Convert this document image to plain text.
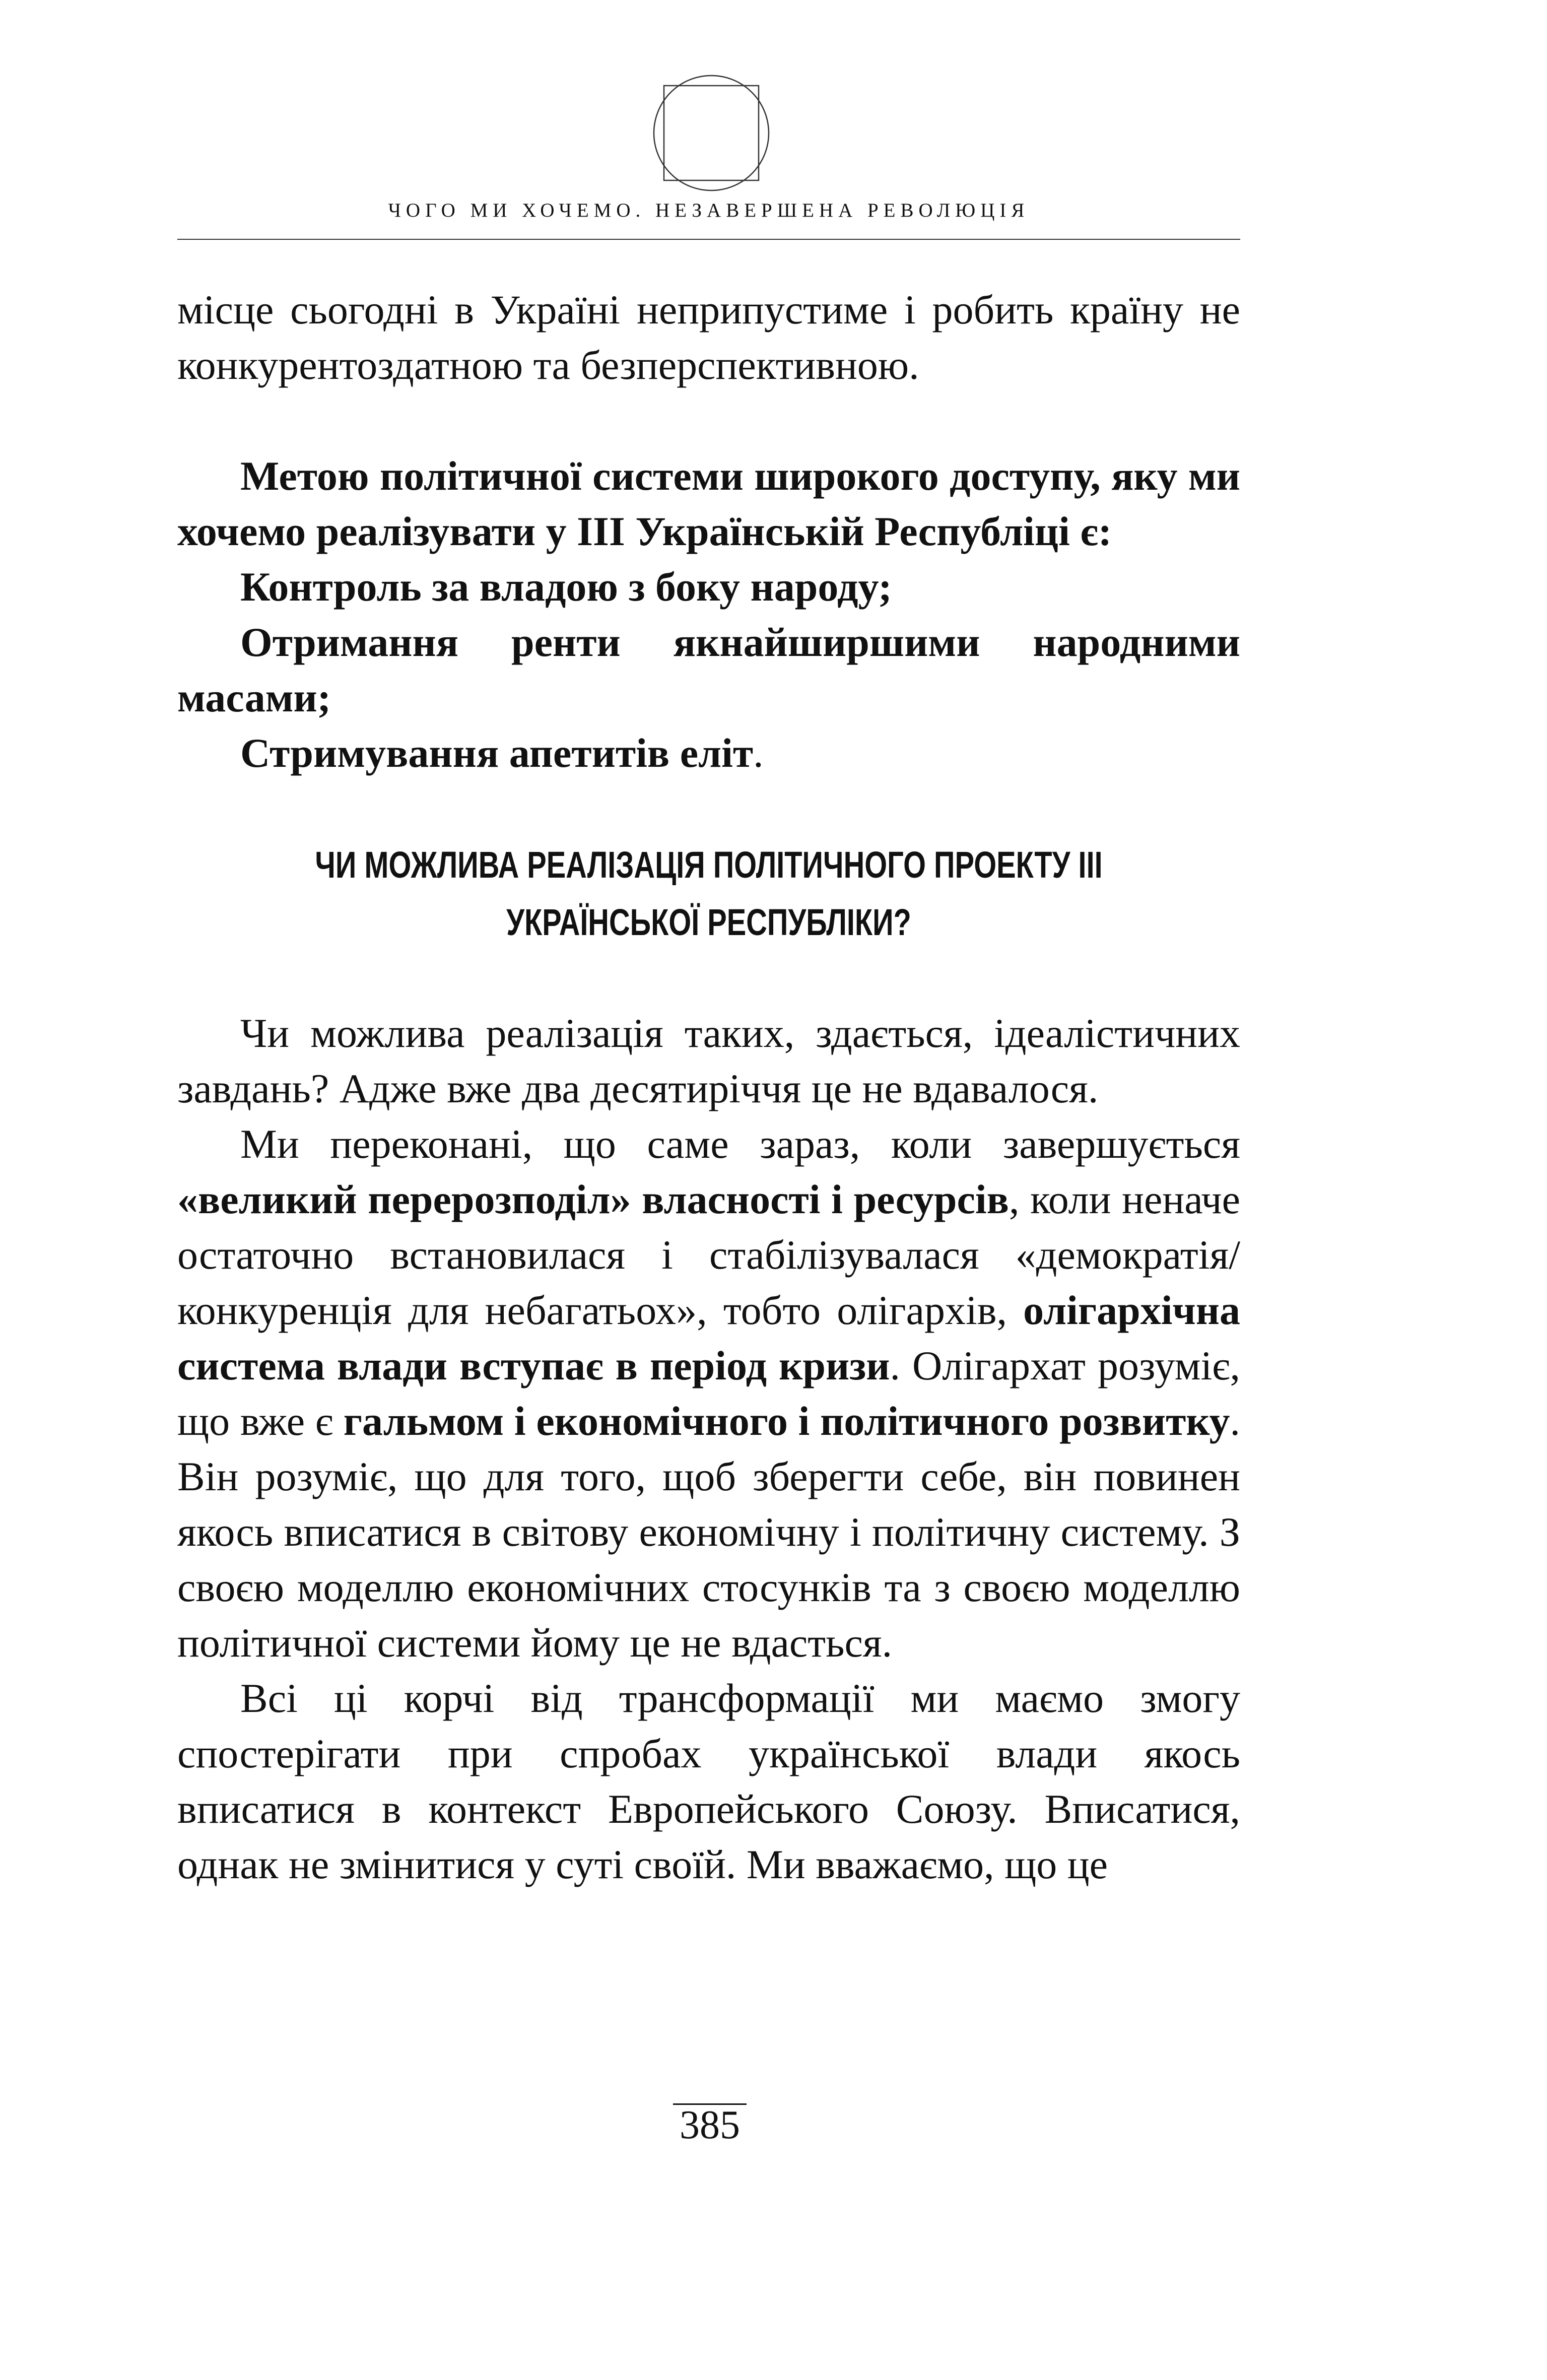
ЧОГО МИ ХОЧЕМО. НЕЗАВЕРШЕНА РЕВОЛЮЦІЯ

місце сьогодні в Україні неприпустиме і робить країну не конкурентоздатною та безперспективною.

Метою політичної системи широкого доступу, яку ми хочемо реалізувати у ІІІ Українській Республіці є:

Контроль за владою з боку народу;

Отримання ренти якнайширшими народними масами;

Стримування апетитів еліт.

ЧИ МОЖЛИВА РЕАЛІЗАЦІЯ ПОЛІТИЧНОГО ПРОЕКТУ ІІІ
УКРАЇНСЬКОЇ РЕСПУБЛІКИ?

Чи можлива реалізація таких, здається, ідеалістичних завдань? Адже вже два десятиріччя це не вдавалося.

Ми переконані, що саме зараз, коли завершується «великий перерозподіл» власності і ресурсів, коли неначе остаточно встановилася і стабілізувалася «демократія/конкуренція для небагатьох», тобто олігархів, олігархічна система влади вступає в період кризи. Олігархат розуміє, що вже є гальмом і економічного і політичного розвитку. Він розуміє, що для того, щоб зберегти себе, він повинен якось вписатися в світову економічну і політичну систему. З своєю моделлю економічних стосунків та з своєю моделлю політичної системи йому це не вдасться.

Всі ці корчі від трансформації ми маємо змогу спостерігати при спробах української влади якось вписатися в контекст Европейського Союзу. Вписатися, однак не змінитися у суті своїй. Ми вважаємо, що це

385
